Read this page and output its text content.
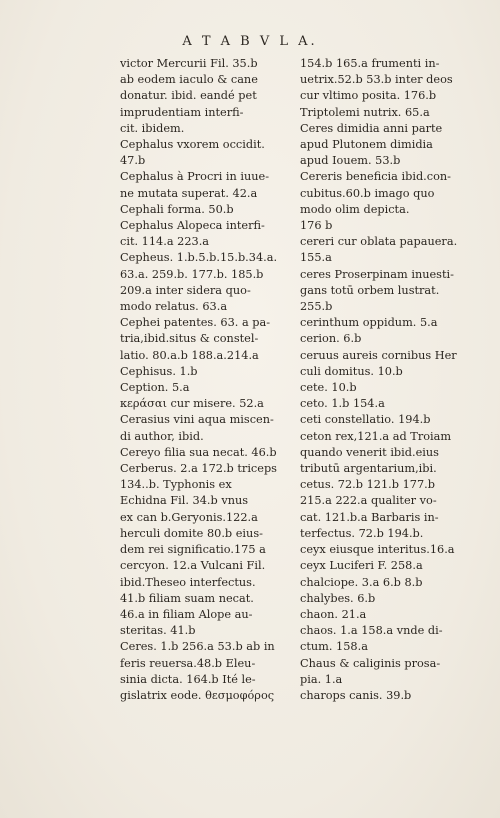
A T A B V L A.
victor Mercurii Fil. 35.b
ab eodem iaculo & cane
donatur. ibid. eandé pet
imprudentiam interfi-
cit. ibidem.
Cephalus vxorem occidit.
47.b
Cephalus à Procri in iuue-
ne mutata superat. 42.a
Cephali forma. 50.b
Cephalus Alopeca interfi-
cit. 114.a 223.a
Cepheus. 1.b.5.b.15.b.34.a.
63.a. 259.b. 177.b. 185.b
209.a inter sidera quo-
modo relatus. 63.a
Cephei patentes. 63. a pa-
tria,ibid.situs & constel-
latio. 80.a.b 188.a.214.a
Cephisus. 1.b
Ception. 5.a
κεράσαι cur misere. 52.a
Cerasius vini aqua miscen-
di author, ibid.
Cereyo filia sua necat. 46.b
Cerberus. 2.a 172.b triceps
134..b. Typhonis ex
Echidna Fil. 34.b vnus
ex can b.Geryonis.122.a
herculi domite 80.b eius-
dem rei significatio.175 a
cercyon. 12.a Vulcani Fil.
ibid.Theseo interfectus.
41.b filiam suam necat.
46.a in filiam Alope au-
steritas. 41.b
Ceres. 1.b 256.a 53.b ab in
feris reuersa.48.b Eleu-
sinia dicta. 164.b Ité le-
gislatrix eode. θεσμοφόρος
154.b 165.a frumenti in-
uetrix.52.b 53.b inter deos
cur vltimo posita. 176.b
Triptolemi nutrix. 65.a
Ceres dimidia anni parte
apud Plutonem dimidia
apud Iouem. 53.b
Cereris beneficia ibid.con-
cubitus.60.b imago quo
modo olim depicta.
176 b
cereri cur oblata papauera.
155.a
ceres Proserpinam inuesti-
gans totū orbem lustrat.
255.b
cerinthum oppidum. 5.a
cerion. 6.b
ceruus aureis cornibus Her
culi domitus. 10.b
cete. 10.b
ceto. 1.b 154.a
ceti constellatio. 194.b
ceton rex,121.a ad Troiam
quando venerit ibid.eius
tributū argentarium,ibi.
cetus. 72.b 121.b 177.b
215.a 222.a qualiter vo-
cat. 121.b.a Barbaris in-
terfectus. 72.b 194.b.
ceyx eiusque interitus.16.a
ceyx Luciferi F. 258.a
chalciope. 3.a 6.b 8.b
chalybes. 6.b
chaon. 21.a
chaos. 1.a 158.a vnde di-
ctum. 158.a
Chaus & caliginis prosa-
pia. 1.a
charops canis. 39.b
